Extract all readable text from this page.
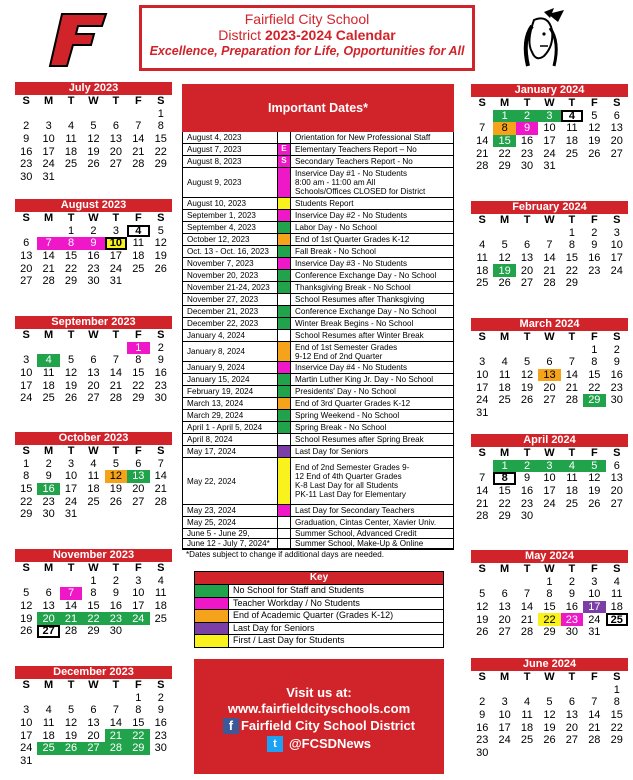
Fairfield City School
District 2023-2024 Calendar
Excellence, Preparation for Life, Opportunities for All
July 2023
S	M	T	W	T	F	S
						1
2	3	4	5	6	7	8
9	10	11	12	13	14	15
16	17	18	19	20	21	22
23	24	25	26	27	28	29
30	31					
August 2023
S	M	T	W	T	F	S
		1	2	3	4	5
6	7	8	9	10	11	12
13	14	15	16	17	18	19
20	21	22	23	24	25	26
27	28	29	30	31		
September 2023
S	M	T	W	T	F	S
					1	2
3	4	5	6	7	8	9
10	11	12	13	14	15	16
17	18	19	20	21	22	23
24	25	26	27	28	29	30
October 2023
S	M	T	W	T	F	S
1	2	3	4	5	6	7
8	9	10	11	12	13	14
15	16	17	18	19	20	21
22	23	24	25	26	27	28
29	30	31				
November 2023
S	M	T	W	T	F	S
			1	2	3	4
5	6	7	8	9	10	11
12	13	14	15	16	17	18
19	20	21	22	23	24	25
26	27	28	29	30		
December 2023
S	M	T	W	T	F	S
					1	2
3	4	5	6	7	8	9
10	11	12	13	14	15	16
17	18	19	20	21	22	23
24	25	26	27	28	29	30
31						
January 2024
S	M	T	W	T	F	S
	1	2	3	4	5	6
7	8	9	10	11	12	13
14	15	16	17	18	19	20
21	22	23	24	25	26	27
28	29	30	31			
February 2024
S	M	T	W	T	F	S
				1	2	3
4	5	6	7	8	9	10
11	12	13	14	15	16	17
18	19	20	21	22	23	24
25	26	27	28	29		
March 2024
S	M	T	W	T	F	S
					1	2
3	4	5	6	7	8	9
10	11	12	13	14	15	16
17	18	19	20	21	22	23
24	25	26	27	28	29	30
31						
April 2024
S	M	T	W	T	F	S
	1	2	3	4	5	6
7	8	9	10	11	12	13
14	15	16	17	18	19	20
21	22	23	24	25	26	27
28	29	30				
May 2024
S	M	T	W	T	F	S
			1	2	3	4
5	6	7	8	9	10	11
12	13	14	15	16	17	18
19	20	21	22	23	24	25
26	27	28	29	30	31	
June 2024
S	M	T	W	T	F	S
						1
2	3	4	5	6	7	8
9	10	11	12	13	14	15
16	17	18	19	20	21	22
23	24	25	26	27	28	29
30						
Important Dates*
August 4, 2023	Orientation for New Professional Staff
August 7, 2023	E	Elementary Teachers Report – No
August 8, 2023	S	Secondary Teachers Report - No
August 9, 2023
Inservice Day #1 - No Students
8:00 am - 11:00 am All
Schools/Offices CLOSED for District
August 10, 2023	Students Report
September 1, 2023	Inservice Day #2 - No Students
September 4, 2023	Labor Day - No School
October 12, 2023	End of 1st Quarter Grades K-12
Oct. 13 - Oct. 16, 2023	Fall Break - No School
November 7, 2023	Inservice Day #3 - No Students
November 20, 2023	Conference Exchange Day - No School
November 21-24, 2023	Thanksgiving Break - No School
November 27, 2023	School Resumes after Thanksgiving
December 21, 2023	Conference Exchange Day - No School
December 22, 2023	Winter Break Begins - No School
January 4, 2024	School Resumes after Winter Break
January 8, 2024	End of 1st Semester Grades
9-12 End of 2nd Quarter
January 9, 2024	Inservice Day #4 - No Students
January 15, 2024	Martin Luther King Jr. Day - No School
February 19, 2024	Presidents' Day - No School
March 13, 2024	End of 3rd Quarter Grades K-12
March 29, 2024	Spring Weekend - No School
April 1 - April 5, 2024	Spring Break - No School
April 8, 2024	School Resumes after Spring Break
May 17, 2024	Last Day for Seniors
May 22, 2024
End of 2nd Semester Grades 9-
12 End of 4th Quarter Grades
K-8 Last Day for all Students
PK-11 Last Day for Elementary
May 23, 2024	Last Day for Secondary Teachers
May 25, 2024	Graduation, Cintas Center, Xavier Univ.
June 5 - June 29,	Summer School, Advanced Credit
June 12 - July 7, 2024*	Summer School, Make-Up & Online
*Dates subject to change if additional days are needed.
Key
No School for Staff and Students
Teacher Workday / No Students
End of Academic Quarter (Grades K-12)
Last Day for Seniors
First / Last Day for Students
Visit us at:
www.fairfieldcityschools.com
f Fairfield City School District
t @FCSDNews
